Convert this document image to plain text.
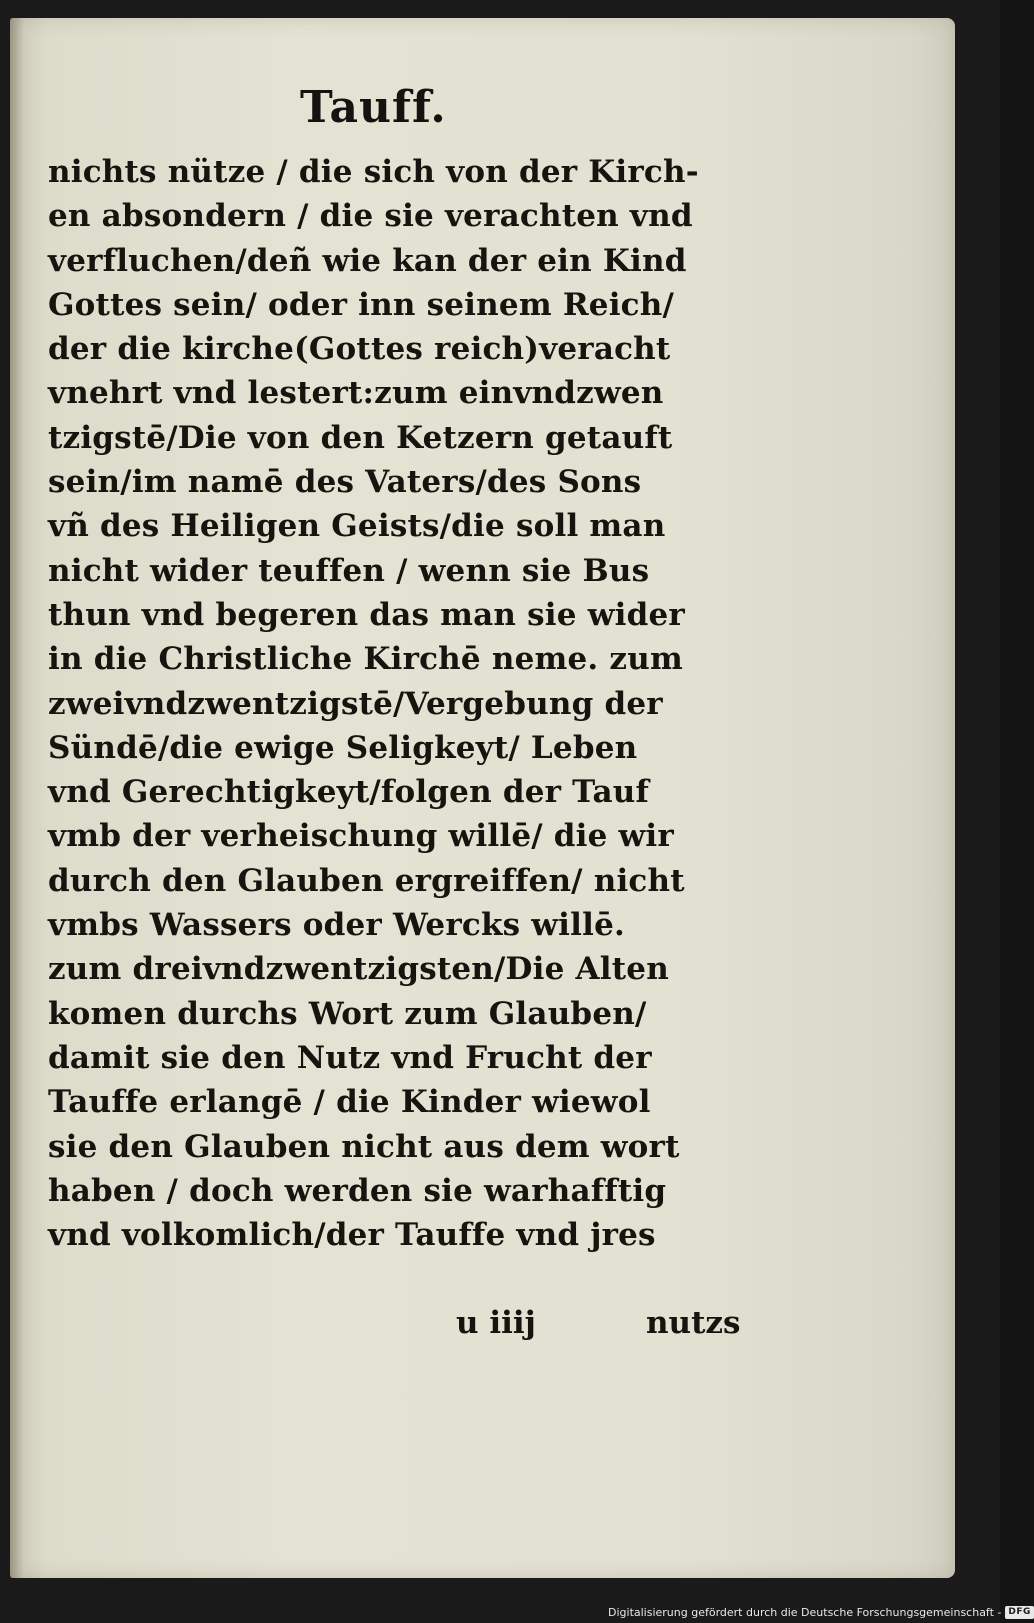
Tauff.
nichts nütze / die sich von der Kirch-
en absondern / die sie verachten vnd
verfluchen/deñ wie kan der ein Kind
Gottes sein/ oder inn seinem Reich/
der die kirche(Gottes reich)veracht
vnehrt vnd lestert:zum einvndzwen
tzigstē/Die von den Ketzern getauft
sein/im namē des Vaters/des Sons
vñ des Heiligen Geists/die soll man
nicht wider teuffen / wenn sie Bus
thun vnd begeren das man sie wider
in die Christliche Kirchē neme. zum
zweivndzwentzigstē/Vergebung der
Sündē/die ewige Seligkeyt/ Leben
vnd Gerechtigkeyt/folgen der Tauf
vmb der verheischung willē/ die wir
durch den Glauben ergreiffen/ nicht
vmbs Wassers oder Wercks willē.
zum dreivndzwentzigsten/Die Alten
komen durchs Wort zum Glauben/
damit sie den Nutz vnd Frucht der
Tauffe erlangē / die Kinder wiewol
sie den Glauben nicht aus dem wort
haben / doch werden sie warhafftig
vnd volkomlich/der Tauffe vnd jres
u iiij	nutzs
Digitalisierung gefördert durch die Deutsche Forschungsgemeinschaft - DFG
